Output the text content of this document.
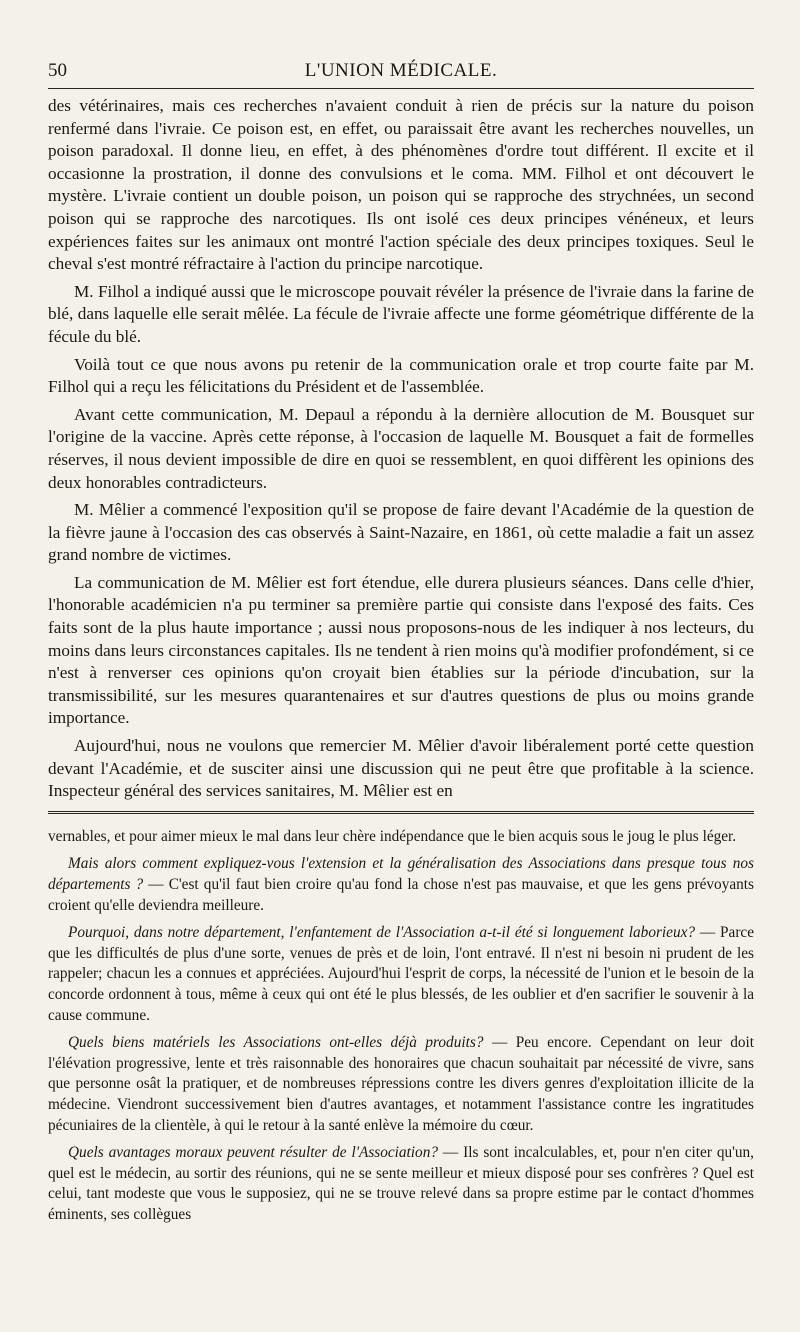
50	L'UNION MÉDICALE.

des vétérinaires, mais ces recherches n'avaient conduit à rien de précis sur la nature du poison renfermé dans l'ivraie. Ce poison est, en effet, ou paraissait être avant les recherches nouvelles, un poison paradoxal. Il donne lieu, en effet, à des phénomènes d'ordre tout différent. Il excite et il occasionne la prostration, il donne des convulsions et le coma. MM. Filhol et ont découvert le mystère. L'ivraie contient un double poison, un poison qui se rapproche des strychnées, un second poison qui se rapproche des narcotiques. Ils ont isolé ces deux principes vénéneux, et leurs expériences faites sur les animaux ont montré l'action spéciale des deux principes toxiques. Seul le cheval s'est montré réfractaire à l'action du principe narcotique.

M. Filhol a indiqué aussi que le microscope pouvait révéler la présence de l'ivraie dans la farine de blé, dans laquelle elle serait mêlée. La fécule de l'ivraie affecte une forme géométrique différente de la fécule du blé.

Voilà tout ce que nous avons pu retenir de la communication orale et trop courte faite par M. Filhol qui a reçu les félicitations du Président et de l'assemblée.

Avant cette communication, M. Depaul a répondu à la dernière allocution de M. Bousquet sur l'origine de la vaccine. Après cette réponse, à l'occasion de laquelle M. Bousquet a fait de formelles réserves, il nous devient impossible de dire en quoi se ressemblent, en quoi diffèrent les opinions des deux honorables contradicteurs.

M. Mêlier a commencé l'exposition qu'il se propose de faire devant l'Académie de la question de la fièvre jaune à l'occasion des cas observés à Saint-Nazaire, en 1861, où cette maladie a fait un assez grand nombre de victimes.

La communication de M. Mêlier est fort étendue, elle durera plusieurs séances. Dans celle d'hier, l'honorable académicien n'a pu terminer sa première partie qui consiste dans l'exposé des faits. Ces faits sont de la plus haute importance ; aussi nous proposons-nous de les indiquer à nos lecteurs, du moins dans leurs circonstances capitales. Ils ne tendent à rien moins qu'à modifier profondément, si ce n'est à renverser ces opinions qu'on croyait bien établies sur la période d'incubation, sur la transmissibilité, sur les mesures quarantenaires et sur d'autres questions de plus ou moins grande importance.

Aujourd'hui, nous ne voulons que remercier M. Mêlier d'avoir libéralement porté cette question devant l'Académie, et de susciter ainsi une discussion qui ne peut être que profitable à la science. Inspecteur général des services sanitaires, M. Mêlier est en

vernables, et pour aimer mieux le mal dans leur chère indépendance que le bien acquis sous le joug le plus léger.

Mais alors comment expliquez-vous l'extension et la généralisation des Associations dans presque tous nos départements ? — C'est qu'il faut bien croire qu'au fond la chose n'est pas mauvaise, et que les gens prévoyants croient qu'elle deviendra meilleure.

Pourquoi, dans notre département, l'enfantement de l'Association a-t-il été si longuement laborieux? — Parce que les difficultés de plus d'une sorte, venues de près et de loin, l'ont entravé. Il n'est ni besoin ni prudent de les rappeler; chacun les a connues et appréciées. Aujourd'hui l'esprit de corps, la nécessité de l'union et le besoin de la concorde ordonnent à tous, même à ceux qui ont été le plus blessés, de les oublier et d'en sacrifier le souvenir à la cause commune.

Quels biens matériels les Associations ont-elles déjà produits? — Peu encore. Cependant on leur doit l'élévation progressive, lente et très raisonnable des honoraires que chacun souhaitait par nécessité de vivre, sans que personne osât la pratiquer, et de nombreuses répressions contre les divers genres d'exploitation illicite de la médecine. Viendront successivement bien d'autres avantages, et notamment l'assistance contre les ingratitudes pécuniaires de la clientèle, à qui le retour à la santé enlève la mémoire du cœur.

Quels avantages moraux peuvent résulter de l'Association? — Ils sont incalculables, et, pour n'en citer qu'un, quel est le médecin, au sortir des réunions, qui ne se sente meilleur et mieux disposé pour ses confrères ? Quel est celui, tant modeste que vous le supposiez, qui ne se trouve relevé dans sa propre estime par le contact d'hommes éminents, ses collègues
